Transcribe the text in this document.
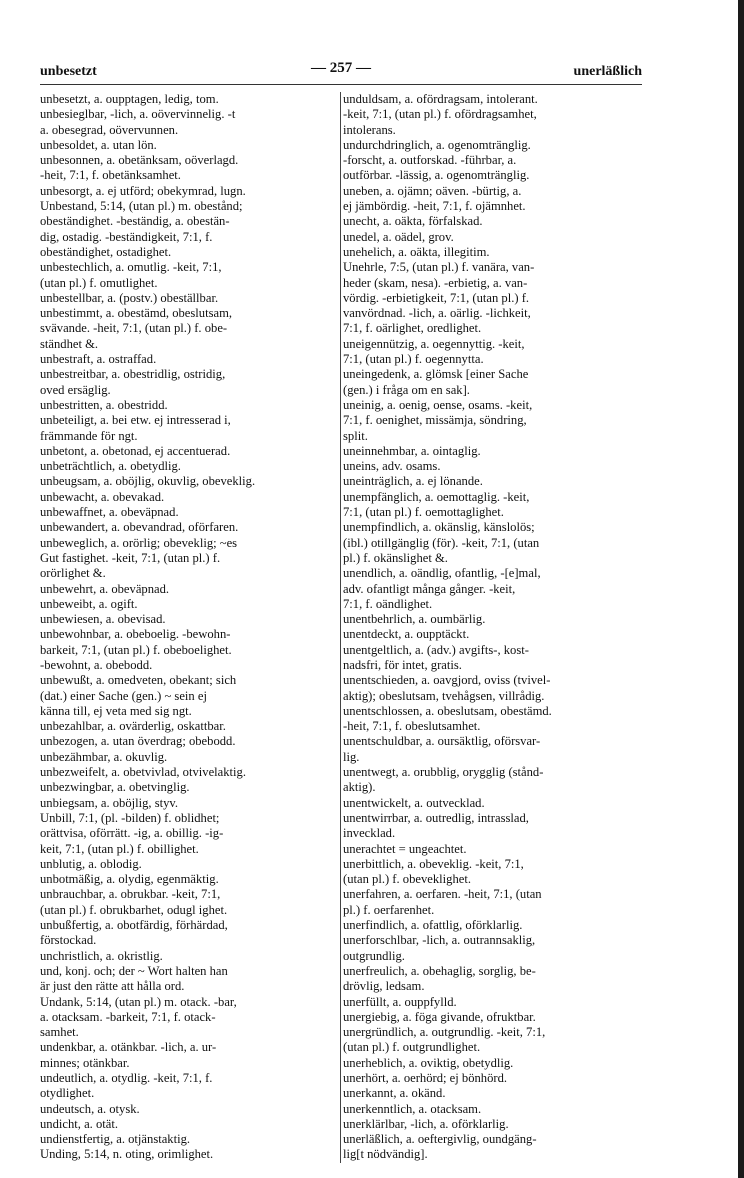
unbesetzt	— 257 —	unerläßlich
unbesetzt, a. oupptagen, ledig, tom.
unbesieglbar, -lich, a. oövervinnelig. -t
a. obesegrad, oövervunnen.
unbesoldet, a. utan lön.
unbesonnen, a. obetänksam, oöverlagd.
-heit, 7:1, f. obetänksamhet.
unbesorgt, a. ej utförd; obekymrad, lugn.
Unbestand, 5:14, (utan pl.) m. obestånd;
obeständighet. -beständig, a. obestän-
dig, ostadig. -beständigkeit, 7:1, f.
obeständighet, ostadighet.
unbestechlich, a. omutlig. -keit, 7:1,
(utan pl.) f. omutlighet.
unbestellbar, a. (postv.) obeställbar.
unbestimmt, a. obestämd, obeslutsam,
svävande. -heit, 7:1, (utan pl.) f. obe-
ständhet &.
unbestraft, a. ostraffad.
unbestreitbar, a. obestridlig, ostridig,
oved ersäglig.
unbestritten, a. obestridd.
unbeteiligt, a. bei etw. ej intresserad i,
främmande för ngt.
unbetont, a. obetonad, ej accentuerad.
unbeträchtlich, a. obetydlig.
unbeugsam, a. oböjlig, okuvlig, obeveklig.
unbewacht, a. obevakad.
unbewaffnet, a. obeväpnad.
unbewandert, a. obevandrad, oförfaren.
unbeweglich, a. orörlig; obeveklig; ~es
Gut fastighet. -keit, 7:1, (utan pl.) f.
orörlighet &.
unbewehrt, a. obeväpnad.
unbeweibt, a. ogift.
unbewiesen, a. obevisad.
unbewohnbar, a. obeboelig. -bewohn-
barkeit, 7:1, (utan pl.) f. obeboelighet.
-bewohnt, a. obebodd.
unbewußt, a. omedveten, obekant; sich
(dat.) einer Sache (gen.) ~ sein ej
känna till, ej veta med sig ngt.
unbezahlbar, a. ovärderlig, oskattbar.
unbezogen, a. utan överdrag; obebodd.
unbezähmbar, a. okuvlig.
unbezweifelt, a. obetvivlad, otvivelaktig.
unbezwingbar, a. obetvinglig.
unbiegsam, a. oböjlig, styv.
Unbill, 7:1, (pl. -bilden) f. oblidhet;
orättvisa, oförrätt. -ig, a. obillig. -ig-
keit, 7:1, (utan pl.) f. obillighet.
unblutig, a. oblodig.
unbotmäßig, a. olydig, egenmäktig.
unbrauchbar, a. obrukbar. -keit, 7:1,
(utan pl.) f. obrukbarhet, odugl ighet.
unbußfertig, a. obotfärdig, förhärdad,
förstockad.
unchristlich, a. okristlig.
und, konj. och; der ~ Wort halten han
är just den rätte att hålla ord.
Undank, 5:14, (utan pl.) m. otack. -bar,
a. otacksam. -barkeit, 7:1, f. otack-
samhet.
undenkbar, a. otänkbar. -lich, a. ur-
minnes; otänkbar.
undeutlich, a. otydlig. -keit, 7:1, f.
otydlighet.
undeutsch, a. otysk.
undicht, a. otät.
undienstfertig, a. otjänstaktig.
Unding, 5:14, n. oting, orimlighet.
unduldsam, a. ofördragsam, intolerant.
-keit, 7:1, (utan pl.) f. ofördragsamhet,
intolerans.
undurchdringlich, a. ogenomtränglig.
-forscht, a. outforskad. -führbar, a.
outförbar. -lässig, a. ogenomtränglig.
uneben, a. ojämn; oäven. -bürtig, a.
ej jämbördig. -heit, 7:1, f. ojämnhet.
unecht, a. oäkta, förfalskad.
unedel, a. oädel, grov.
unehelich, a. oäkta, illegitim.
Unehrle, 7:5, (utan pl.) f. vanära, van-
heder (skam, nesa). -erbietig, a. van-
vördig. -erbietigkeit, 7:1, (utan pl.) f.
vanvördnad. -lich, a. oärlig. -lichkeit,
7:1, f. oärlighet, oredlighet.
uneigennützig, a. oegennyttig. -keit,
7:1, (utan pl.) f. oegennytta.
uneingedenk, a. glömsk [einer Sache
(gen.) i fråga om en sak].
uneinig, a. oenig, oense, osams. -keit,
7:1, f. oenighet, missämja, söndring,
split.
uneinnehmbar, a. ointaglig.
uneins, adv. osams.
uneinträglich, a. ej lönande.
unempfänglich, a. oemottaglig. -keit,
7:1, (utan pl.) f. oemottaglighet.
unempfindlich, a. okänslig, känslolös;
(ibl.) otillgänglig (för). -keit, 7:1, (utan
pl.) f. okänslighet &.
unendlich, a. oändlig, ofantlig, -[e]mal,
adv. ofantligt många gånger. -keit,
7:1, f. oändlighet.
unentbehrlich, a. oumbärlig.
unentdeckt, a. oupptäckt.
unentgeltlich, a. (adv.) avgifts-, kost-
nadsfri, för intet, gratis.
unentschieden, a. oavgjord, oviss (tvivel-
aktig); obeslutsam, tvehågsen, villrådig.
unentschlossen, a. obeslutsam, obestämd.
-heit, 7:1, f. obeslutsamhet.
unentschuldbar, a. oursäktlig, oförsvar-
lig.
unentwegt, a. orubblig, orygglig (stånd-
aktig).
unentwickelt, a. outvecklad.
unentwirrbar, a. outredlig, intrasslad,
invecklad.
unerachtet = ungeachtet.
unerbittlich, a. obeveklig. -keit, 7:1,
(utan pl.) f. obeveklighet.
unerfahren, a. oerfaren. -heit, 7:1, (utan
pl.) f. oerfarenhet.
unerfindlich, a. ofattlig, oförklarlig.
unerforschlbar, -lich, a. outrannsaklig,
outgrundlig.
unerfreulich, a. obehaglig, sorglig, be-
drövlig, ledsam.
unerfüllt, a. ouppfylld.
unergiebig, a. föga givande, ofruktbar.
unergründlich, a. outgrundlig. -keit, 7:1,
(utan pl.) f. outgrundlighet.
unerheblich, a. oviktig, obetydlig.
unerhört, a. oerhörd; ej bönhörd.
unerkannt, a. okänd.
unerkenntlich, a. otacksam.
unerklärlbar, -lich, a. oförklarlig.
unerläßlich, a. oeftergivlig, oundgäng-
lig[t nödvändig].
